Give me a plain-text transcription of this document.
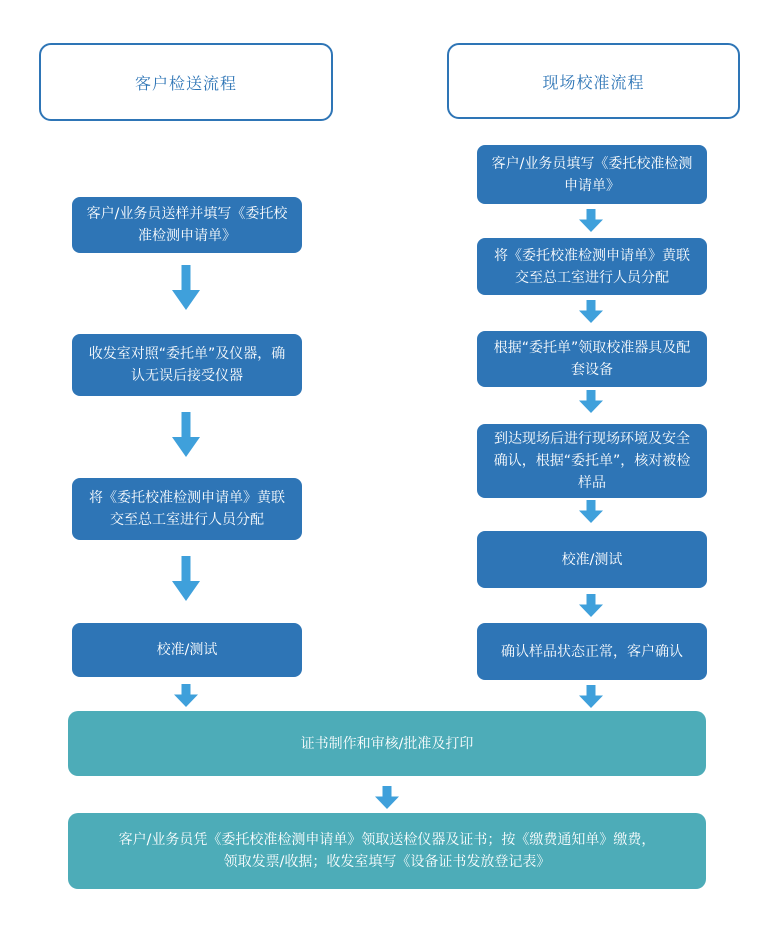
客户检送流程	现场校准流程
客户/业务员送样并填写《委托校准检测申请单》
收发室对照“委托单”及仪器，确认无误后接受仪器
将《委托校准检测申请单》黄联交至总工室进行人员分配
校准/测试
客户/业务员填写《委托校准检测申请单》
将《委托校准检测申请单》黄联交至总工室进行人员分配
根据“委托单”领取校准器具及配套设备
到达现场后进行现场环境及安全确认，根据“委托单”，核对被检样品
校准/测试
确认样品状态正常，客户确认
证书制作和审核/批准及打印
客户/业务员凭《委托校准检测申请单》领取送检仪器及证书；按《缴费通知单》缴费，领取发票/收据；收发室填写《设备证书发放登记表》
